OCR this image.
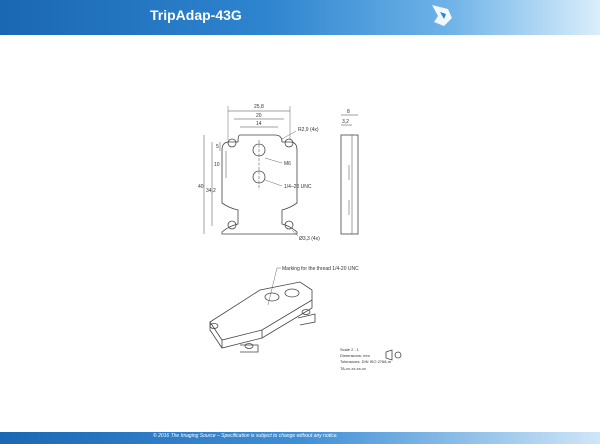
TripAdap-43G
25,8
20
14
R2,9 (4x)
M6
1/4–20 UNC
Ø3,3 (4x)
5
10
40
34,2
8
3,2
Marking for the thread 1/4-20 UNC
Scale 2 : 1
Dimensions: mm
Tolerances: DIN ISO 2768-m
TA-xx-xx-xx-xx
© 2016 The Imaging Source – Specification is subject to change without any notice.
